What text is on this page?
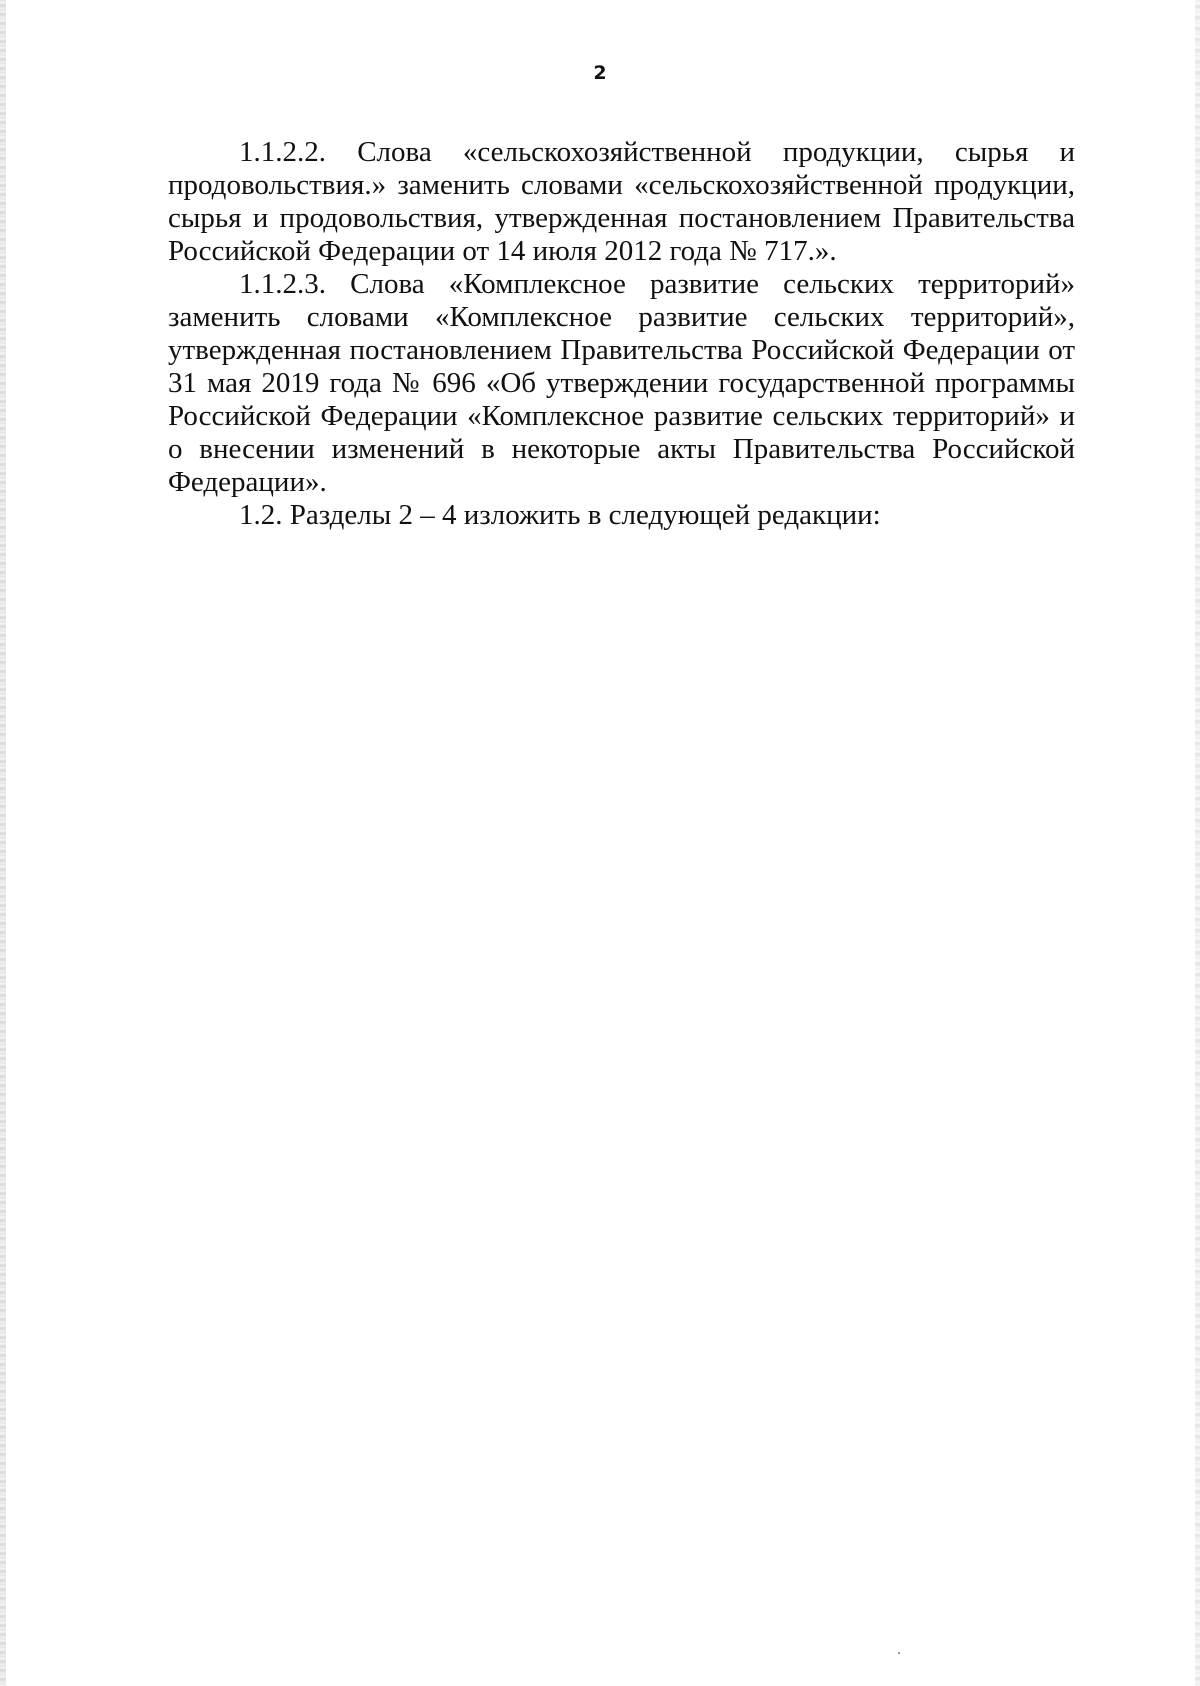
2

1.1.2.2. Слова «сельскохозяйственной продукции, сырья и продовольствия.» заменить словами «сельскохозяйственной продукции, сырья и продовольствия, утвержденная постановлением Правительства Российской Федерации от 14 июля 2012 года № 717.».

1.1.2.3. Слова «Комплексное развитие сельских территорий» заменить словами «Комплексное развитие сельских территорий», утвержденная постановлением Правительства Российской Федерации от 31 мая 2019 года № 696 «Об утверждении государственной программы Российской Федерации «Комплексное развитие сельских территорий» и о внесении изменений в некоторые акты Правительства Российской Федерации».

1.2. Разделы 2 – 4 изложить в следующей редакции:
